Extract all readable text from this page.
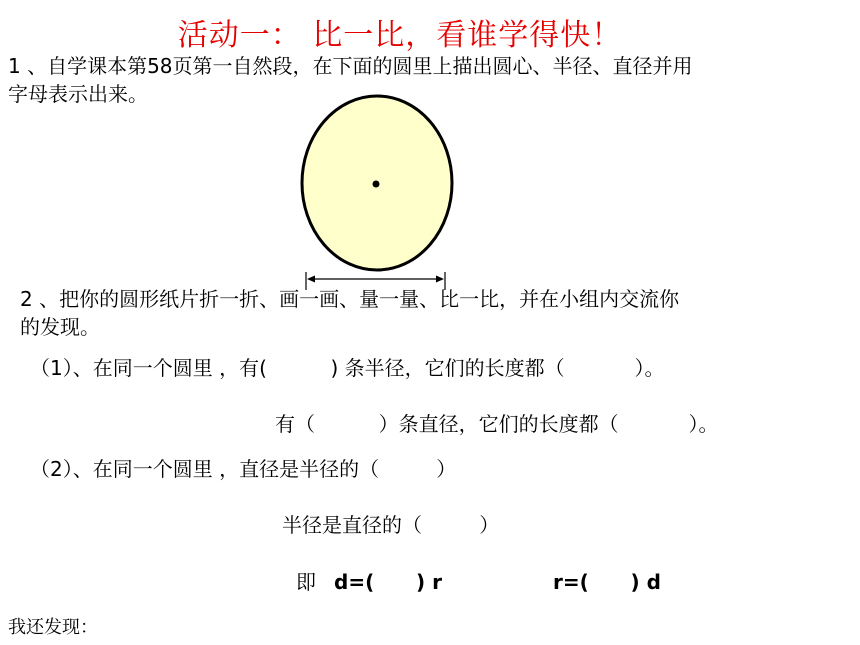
活动一： 比一比，看谁学得快！
1 、自学课本第58页第一自然段，在下面的圆里上描出圆心、半径、直径并用
字母表示出来。
2 、把你的圆形纸片折一折、画一画、量一量、比一比，并在小组内交流你
的发现。
（1）、在同一个圆里 ，有(          ) 条半径，它们的长度都（           ）。
有（          ）条直径，它们的长度都（           ）。
（2）、在同一个圆里 ，直径是半径的（         ）
半径是直径的（         ）
即 d=(      ) r	r=(      ) d
我还发现：
